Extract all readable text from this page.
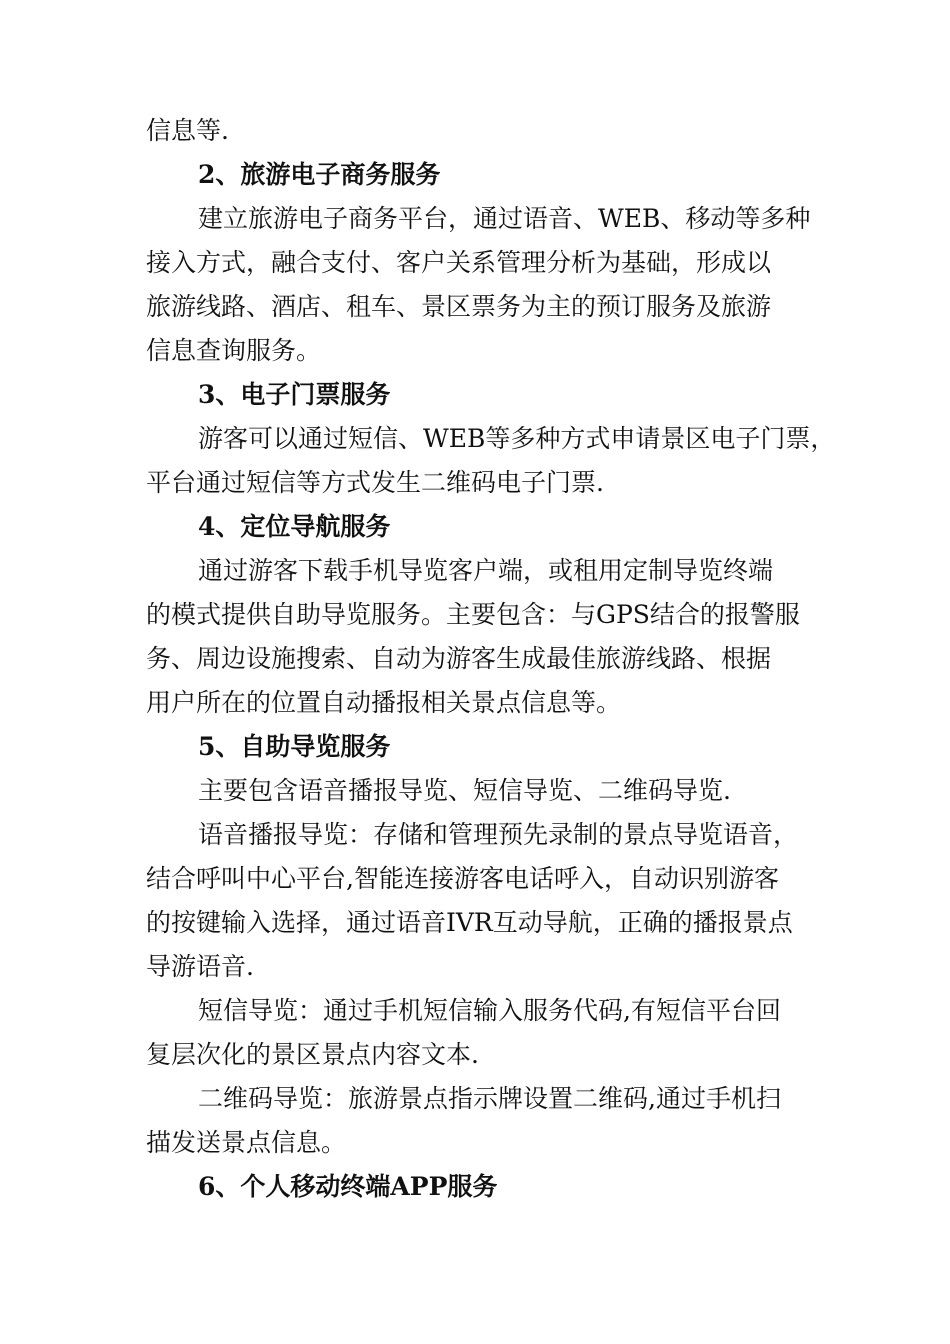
信息等.
2、旅游电子商务服务
建立旅游电子商务平台，通过语音、WEB、移动等多种
接入方式，融合支付、客户关系管理分析为基础，形成以
旅游线路、酒店、租车、景区票务为主的预订服务及旅游
信息查询服务。
3、电子门票服务
游客可以通过短信、WEB等多种方式申请景区电子门票，
平台通过短信等方式发生二维码电子门票.
4、定位导航服务
通过游客下载手机导览客户端，或租用定制导览终端
的模式提供自助导览服务。主要包含：与GPS结合的报警服
务、周边设施搜索、自动为游客生成最佳旅游线路、根据
用户所在的位置自动播报相关景点信息等。
5、自助导览服务
主要包含语音播报导览、短信导览、二维码导览.
语音播报导览：存储和管理预先录制的景点导览语音，
结合呼叫中心平台,智能连接游客电话呼入，自动识别游客
的按键输入选择，通过语音IVR互动导航，正确的播报景点
导游语音.
短信导览：通过手机短信输入服务代码,有短信平台回
复层次化的景区景点内容文本.
二维码导览：旅游景点指示牌设置二维码,通过手机扫
描发送景点信息。
6、个人移动终端APP服务
